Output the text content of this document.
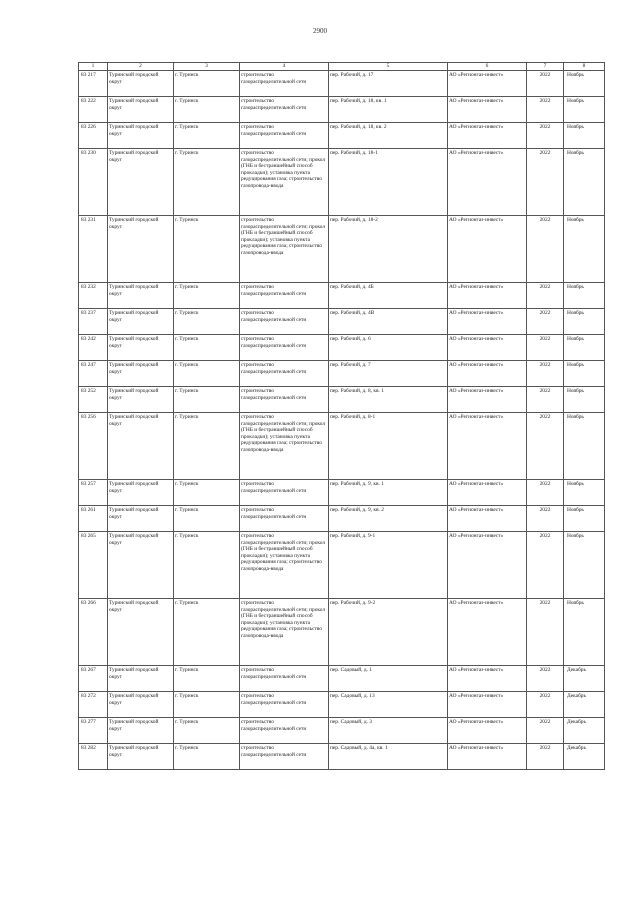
2900
1	2	3	4	5	6	7	8
83 217	Туринский городской округ	г. Туринск	строительство газораспределительной сети	пер. Рабочий, д. 17	АО «Регионгаз-инвест»	2022	Ноябрь
83 222	Туринский городской округ	г. Туринск	строительство газораспределительной сети	пер. Рабочий, д. 18, кв. 1	АО «Регионгаз-инвест»	2022	Ноябрь
83 226	Туринский городской округ	г. Туринск	строительство газораспределительной сети	пер. Рабочий, д. 18, кв. 2	АО «Регионгаз-инвест»	2022	Ноябрь
83 230	Туринский городской округ	г. Туринск	строительство газораспределительной сети; прокол (ГНБ и бестраншейный способ прокладки); установка пункта редуцирования газа; строительство газопровода-ввода	пер. Рабочий, д. 18-1	АО «Регионгаз-инвест»	2022	Ноябрь
83 231	Туринский городской округ	г. Туринск	строительство газораспределительной сети; прокол (ГНБ и бестраншейный способ прокладки); установка пункта редуцирования газа; строительство газопровода-ввода	пер. Рабочий, д. 18-2	АО «Регионгаз-инвест»	2022	Ноябрь
83 232	Туринский городской округ	г. Туринск	строительство газораспределительной сети	пер. Рабочий, д. 4Б	АО «Регионгаз-инвест»	2022	Ноябрь
83 237	Туринский городской округ	г. Туринск	строительство газораспределительной сети	пер. Рабочий, д. 4В	АО «Регионгаз-инвест»	2022	Ноябрь
83 242	Туринский городской округ	г. Туринск	строительство газораспределительной сети	пер. Рабочий, д. 6	АО «Регионгаз-инвест»	2022	Ноябрь
83 247	Туринский городской округ	г. Туринск	строительство газораспределительной сети	пер. Рабочий, д. 7	АО «Регионгаз-инвест»	2022	Ноябрь
83 252	Туринский городской округ	г. Туринск	строительство газораспределительной сети	пер. Рабочий, д. 8, кв. 1	АО «Регионгаз-инвест»	2022	Ноябрь
83 256	Туринский городской округ	г. Туринск	строительство газораспределительной сети; прокол (ГНБ и бестраншейный способ прокладки); установка пункта редуцирования газа; строительство газопровода-ввода	пер. Рабочий, д. 8-1	АО «Регионгаз-инвест»	2022	Ноябрь
83 257	Туринский городской округ	г. Туринск	строительство газораспределительной сети	пер. Рабочий, д. 9, кв. 1	АО «Регионгаз-инвест»	2022	Ноябрь
83 261	Туринский городской округ	г. Туринск	строительство газораспределительной сети	пер. Рабочий, д. 9, кв. 2	АО «Регионгаз-инвест»	2022	Ноябрь
83 265	Туринский городской округ	г. Туринск	строительство газораспределительной сети; прокол (ГНБ и бестраншейный способ прокладки); установка пункта редуцирования газа; строительство газопровода-ввода	пер. Рабочий, д. 9-1	АО «Регионгаз-инвест»	2022	Ноябрь
83 266	Туринский городской округ	г. Туринск	строительство газораспределительной сети; прокол (ГНБ и бестраншейный способ прокладки); установка пункта редуцирования газа; строительство газопровода-ввода	пер. Рабочий, д. 9-2	АО «Регионгаз-инвест»	2022	Ноябрь
83 267	Туринский городской округ	г. Туринск	строительство газораспределительной сети	пер. Садовый, д. 1	АО «Регионгаз-инвест»	2022	Декабрь
83 272	Туринский городской округ	г. Туринск	строительство газораспределительной сети	пер. Садовый, д. 13	АО «Регионгаз-инвест»	2022	Декабрь
83 277	Туринский городской округ	г. Туринск	строительство газораспределительной сети	пер. Садовый, д. 3	АО «Регионгаз-инвест»	2022	Декабрь
83 282	Туринский городской округ	г. Туринск	строительство газораспределительной сети	пер. Садовый, д. 4а, кв. 1	АО «Регионгаз-инвест»	2022	Декабрь
